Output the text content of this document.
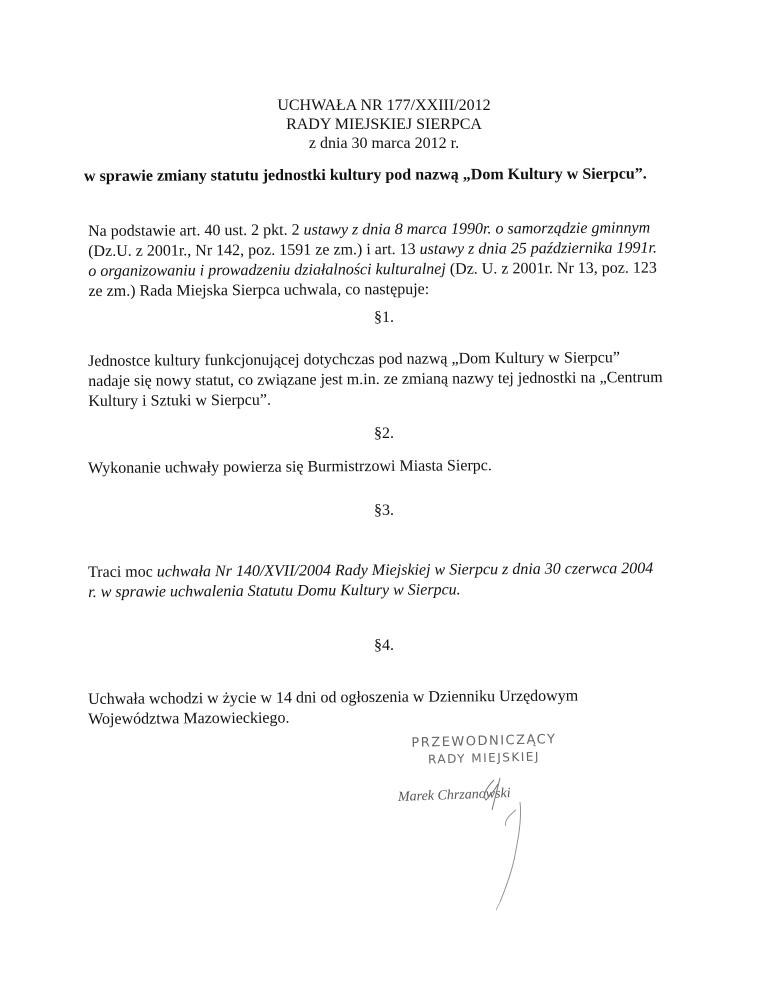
UCHWAŁA NR 177/XXIII/2012
RADY MIEJSKIEJ SIERPCA
z dnia 30 marca 2012 r.
w sprawie zmiany statutu jednostki kultury pod nazwą „Dom Kultury w Sierpcu”.
Na podstawie art. 40 ust. 2 pkt. 2 ustawy z dnia 8 marca 1990r. o samorządzie gminnym
(Dz.U. z 2001r., Nr 142, poz. 1591 ze zm.) i art. 13 ustawy z dnia 25 października 1991r.
o organizowaniu i prowadzeniu działalności kulturalnej (Dz. U. z 2001r. Nr 13, poz. 123
ze zm.) Rada Miejska Sierpca uchwala, co następuje:
§1.
Jednostce kultury funkcjonującej dotychczas pod nazwą „Dom Kultury w Sierpcu”
nadaje się nowy statut, co związane jest m.in. ze zmianą nazwy tej jednostki na „Centrum
Kultury i Sztuki w Sierpcu”.
§2.
Wykonanie uchwały powierza się Burmistrzowi Miasta Sierpc.
§3.
Traci moc uchwała Nr 140/XVII/2004 Rady Miejskiej w Sierpcu z dnia 30 czerwca 2004
r. w sprawie uchwalenia Statutu Domu Kultury w Sierpcu.
§4.
Uchwała wchodzi w życie w 14 dni od ogłoszenia w Dzienniku Urzędowym
Województwa Mazowieckiego.
PRZEWODNICZĄCY
RADY MIEJSKIEJ
Marek Chrzanowski
